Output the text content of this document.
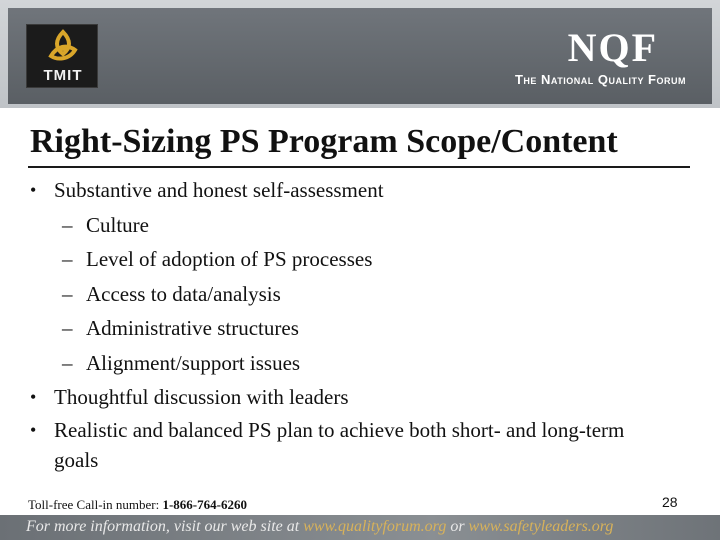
TMIT
NQF
The National Quality Forum
Right-Sizing PS Program Scope/Content
• Substantive and honest self-assessment
– Culture
– Level of adoption of PS processes
– Access to data/analysis
– Administrative structures
– Alignment/support issues
• Thoughtful discussion with leaders
• Realistic and balanced PS plan to achieve both short- and long-term goals
Toll-free Call-in number: 1-866-764-6260	28
For more information, visit our web site at www.qualityforum.org or www.safetyleaders.org
